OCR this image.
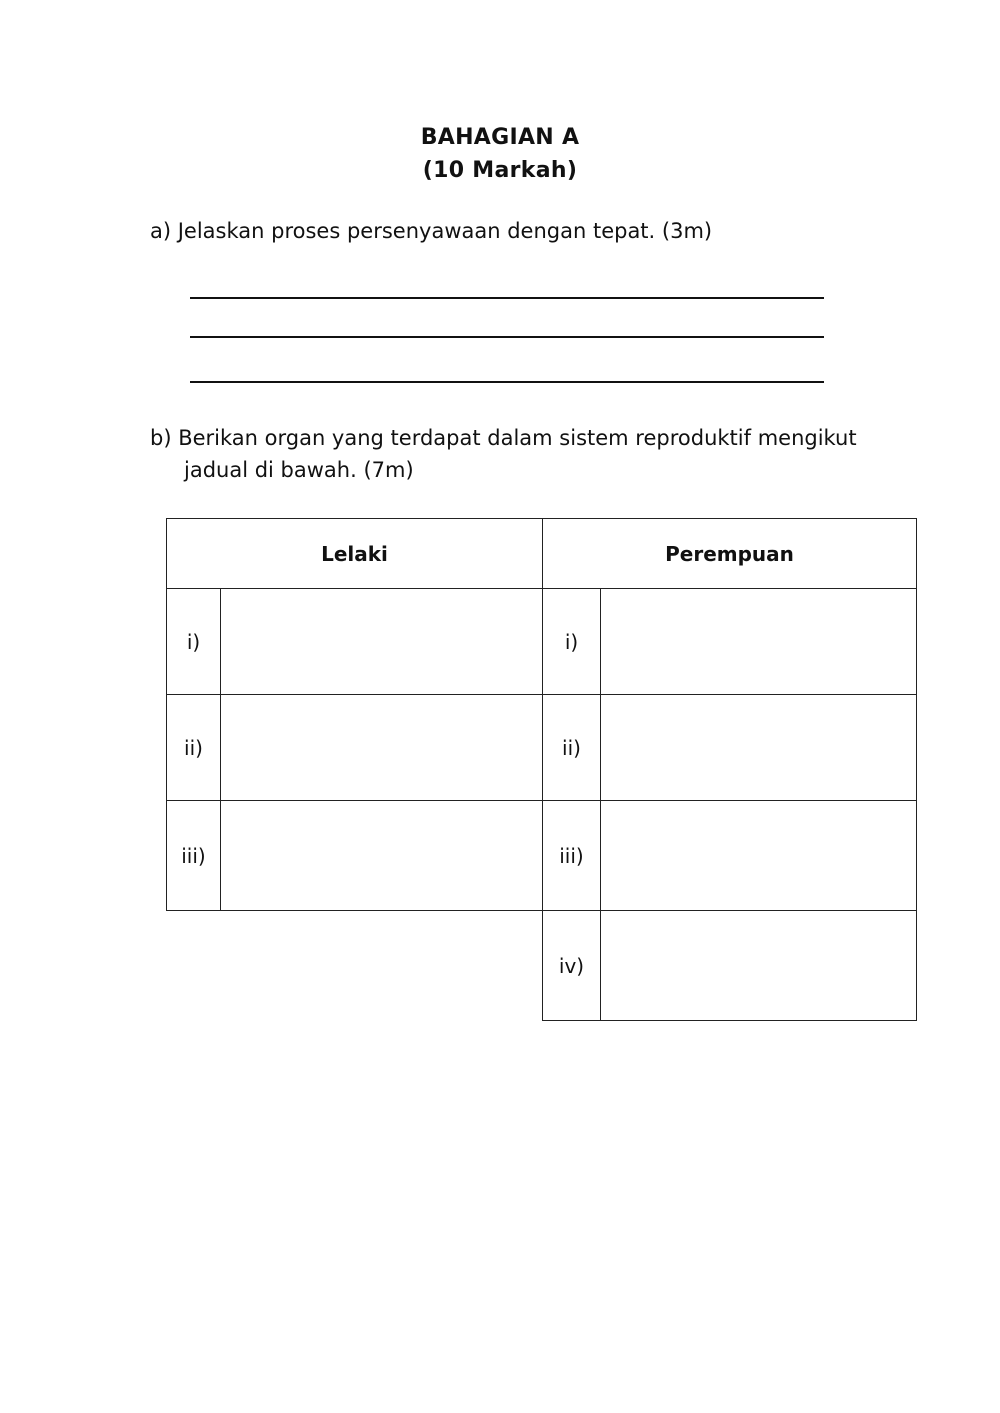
BAHAGIAN A
(10 Markah)
a) Jelaskan proses persenyawaan dengan tepat. (3m)
b) Berikan organ yang terdapat dalam sistem reproduktif mengikut
jadual di bawah. (7m)
Lelaki	Perempuan
i)
ii)
iii)
i)
ii)
iii)
iv)
